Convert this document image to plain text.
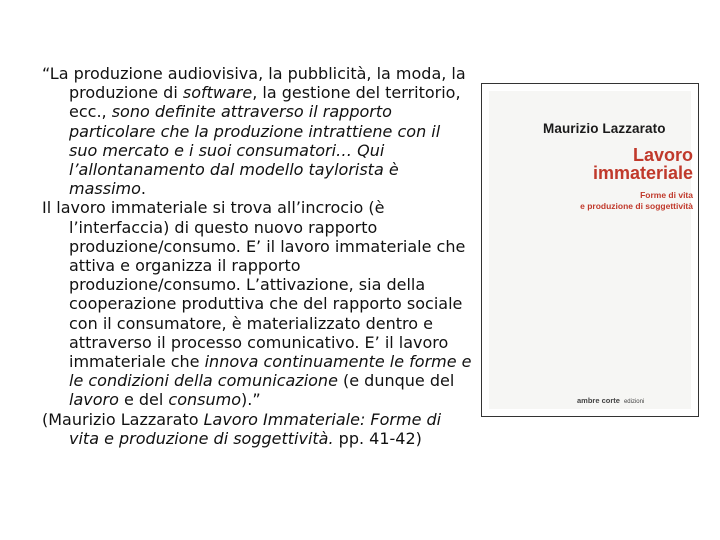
“La produzione audiovisiva, la pubblicità, la moda, la produzione di software, la gestione del territorio, ecc., sono definite attraverso il rapporto particolare che la produzione intrattiene con il suo mercato e i suoi consumatori… Qui l’allontanamento dal modello taylorista è massimo.

Il lavoro immateriale si trova all’incrocio (è l’interfaccia) di questo nuovo rapporto produzione/consumo. E’ il lavoro immateriale che attiva e organizza il rapporto produzione/consumo. L’attivazione, sia della cooperazione produttiva che del rapporto sociale con il consumatore, è materializzato dentro e attraverso il processo comunicativo. E’ il lavoro immateriale che innova continuamente le forme e le condizioni della comunicazione (e dunque del lavoro e del consumo).”

(Maurizio Lazzarato Lavoro Immateriale: Forme di vita e produzione di soggettività. pp. 41-42)

Maurizio Lazzarato
Lavoro
immateriale
Forme di vita
e produzione di soggettività
ambre corte edizioni
